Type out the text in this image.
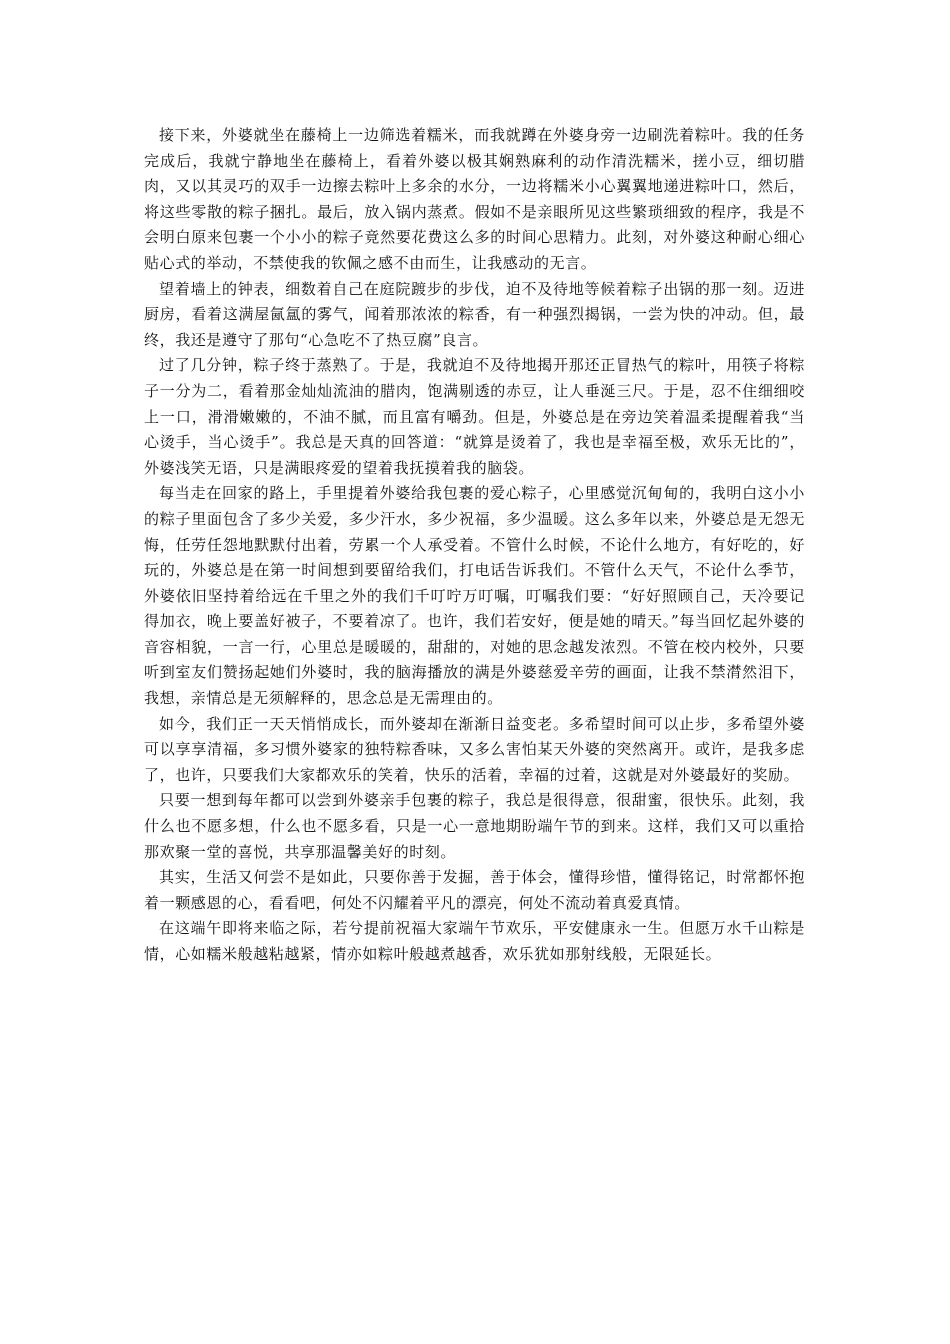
接下来，外婆就坐在藤椅上一边筛选着糯米，而我就蹲在外婆身旁一边刷洗着粽叶。我的任务完成后，我就宁静地坐在藤椅上，看着外婆以极其娴熟麻利的动作清洗糯米，搓小豆，细切腊肉，又以其灵巧的双手一边擦去粽叶上多余的水分，一边将糯米小心翼翼地递进粽叶口，然后，将这些零散的粽子捆扎。最后，放入锅内蒸煮。假如不是亲眼所见这些繁琐细致的程序，我是不会明白原来包裹一个小小的粽子竟然要花费这么多的时间心思精力。此刻，对外婆这种耐心细心贴心式的举动，不禁使我的钦佩之感不由而生，让我感动的无言。

望着墙上的钟表，细数着自己在庭院踱步的步伐，迫不及待地等候着粽子出锅的那一刻。迈进厨房，看着这满屋氤氲的雾气，闻着那浓浓的粽香，有一种强烈揭锅，一尝为快的冲动。但，最终，我还是遵守了那句“心急吃不了热豆腐”良言。

过了几分钟，粽子终于蒸熟了。于是，我就迫不及待地揭开那还正冒热气的粽叶，用筷子将粽子一分为二，看着那金灿灿流油的腊肉，饱满剔透的赤豆，让人垂涎三尺。于是，忍不住细细咬上一口，滑滑嫩嫩的，不油不腻，而且富有嚼劲。但是，外婆总是在旁边笑着温柔提醒着我“当心烫手，当心烫手”。我总是天真的回答道：“就算是烫着了，我也是幸福至极，欢乐无比的”，外婆浅笑无语，只是满眼疼爱的望着我抚摸着我的脑袋。

每当走在回家的路上，手里提着外婆给我包裹的爱心粽子，心里感觉沉甸甸的，我明白这小小的粽子里面包含了多少关爱，多少汗水，多少祝福，多少温暖。这么多年以来，外婆总是无怨无悔，任劳任怨地默默付出着，劳累一个人承受着。不管什么时候，不论什么地方，有好吃的，好玩的，外婆总是在第一时间想到要留给我们，打电话告诉我们。不管什么天气，不论什么季节，外婆依旧坚持着给远在千里之外的我们千叮咛万叮嘱，叮嘱我们要：“好好照顾自己，天冷要记得加衣，晚上要盖好被子，不要着凉了。也许，我们若安好，便是她的晴天。”每当回忆起外婆的音容相貌，一言一行，心里总是暖暖的，甜甜的，对她的思念越发浓烈。不管在校内校外，只要听到室友们赞扬起她们外婆时，我的脑海播放的满是外婆慈爱辛劳的画面，让我不禁潸然泪下，我想，亲情总是无须解释的，思念总是无需理由的。

如今，我们正一天天悄悄成长，而外婆却在渐渐日益变老。多希望时间可以止步，多希望外婆可以享享清福，多习惯外婆家的独特粽香味，又多么害怕某天外婆的突然离开。或许，是我多虑了，也许，只要我们大家都欢乐的笑着，快乐的活着，幸福的过着，这就是对外婆最好的奖励。

只要一想到每年都可以尝到外婆亲手包裹的粽子，我总是很得意，很甜蜜，很快乐。此刻，我什么也不愿多想，什么也不愿多看，只是一心一意地期盼端午节的到来。这样，我们又可以重拾那欢聚一堂的喜悦，共享那温馨美好的时刻。

其实，生活又何尝不是如此，只要你善于发掘，善于体会，懂得珍惜，懂得铭记，时常都怀抱着一颗感恩的心，看看吧，何处不闪耀着平凡的漂亮，何处不流动着真爱真情。

在这端午即将来临之际，若兮提前祝福大家端午节欢乐，平安健康永一生。但愿万水千山粽是情，心如糯米般越粘越紧，情亦如粽叶般越煮越香，欢乐犹如那射线般，无限延长。
